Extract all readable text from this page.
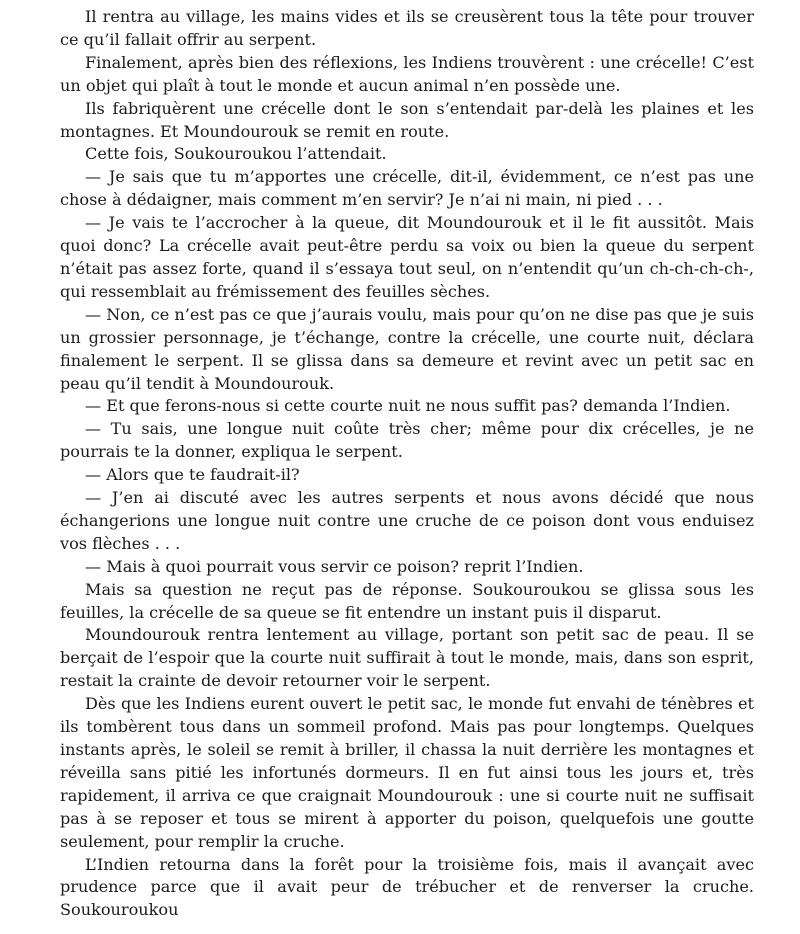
Il rentra au village, les mains vides et ils se creusèrent tous la tête pour trouver ce qu’il fallait offrir au serpent.

Finalement, après bien des réflexions, les Indiens trouvèrent : une crécelle! C’est un objet qui plaît à tout le monde et aucun animal n’en possède une.

Ils fabriquèrent une crécelle dont le son s’entendait par-delà les plaines et les montagnes. Et Moundourouk se remit en route.

Cette fois, Soukouroukou l’attendait.

— Je sais que tu m’apportes une crécelle, dit-il, évidemment, ce n’est pas une chose à dédaigner, mais comment m’en servir? Je n’ai ni main, ni pied . . .

— Je vais te l’accrocher à la queue, dit Moundourouk et il le fit aussitôt. Mais quoi donc? La crécelle avait peut-être perdu sa voix ou bien la queue du serpent n’était pas assez forte, quand il s’essaya tout seul, on n’entendit qu’un ch-ch-ch-ch-, qui ressemblait au frémissement des feuilles sèches.

— Non, ce n’est pas ce que j’aurais voulu, mais pour qu’on ne dise pas que je suis un grossier personnage, je t’échange, contre la crécelle, une courte nuit, déclara finalement le serpent. Il se glissa dans sa demeure et revint avec un petit sac en peau qu’il tendit à Moundourouk.

— Et que ferons-nous si cette courte nuit ne nous suffit pas? demanda l’Indien.

— Tu sais, une longue nuit coûte très cher; même pour dix crécelles, je ne pourrais te la donner, expliqua le serpent.

— Alors que te faudrait-il?

— J’en ai discuté avec les autres serpents et nous avons décidé que nous échangerions une longue nuit contre une cruche de ce poison dont vous enduisez vos flèches . . .

— Mais à quoi pourrait vous servir ce poison? reprit l’Indien.

Mais sa question ne reçut pas de réponse. Soukouroukou se glissa sous les feuilles, la crécelle de sa queue se fit entendre un instant puis il disparut.

Moundourouk rentra lentement au village, portant son petit sac de peau. Il se berçait de l’espoir que la courte nuit suffirait à tout le monde, mais, dans son esprit, restait la crainte de devoir retourner voir le serpent.

Dès que les Indiens eurent ouvert le petit sac, le monde fut envahi de ténèbres et ils tombèrent tous dans un sommeil profond. Mais pas pour longtemps. Quelques instants après, le soleil se remit à briller, il chassa la nuit derrière les montagnes et réveilla sans pitié les infortunés dormeurs. Il en fut ainsi tous les jours et, très rapidement, il arriva ce que craignait Moundourouk : une si courte nuit ne suffisait pas à se reposer et tous se mirent à apporter du poison, quelquefois une goutte seulement, pour remplir la cruche.

L’Indien retourna dans la forêt pour la troisième fois, mais il avançait avec prudence parce que il avait peur de trébucher et de renverser la cruche. Soukouroukou
